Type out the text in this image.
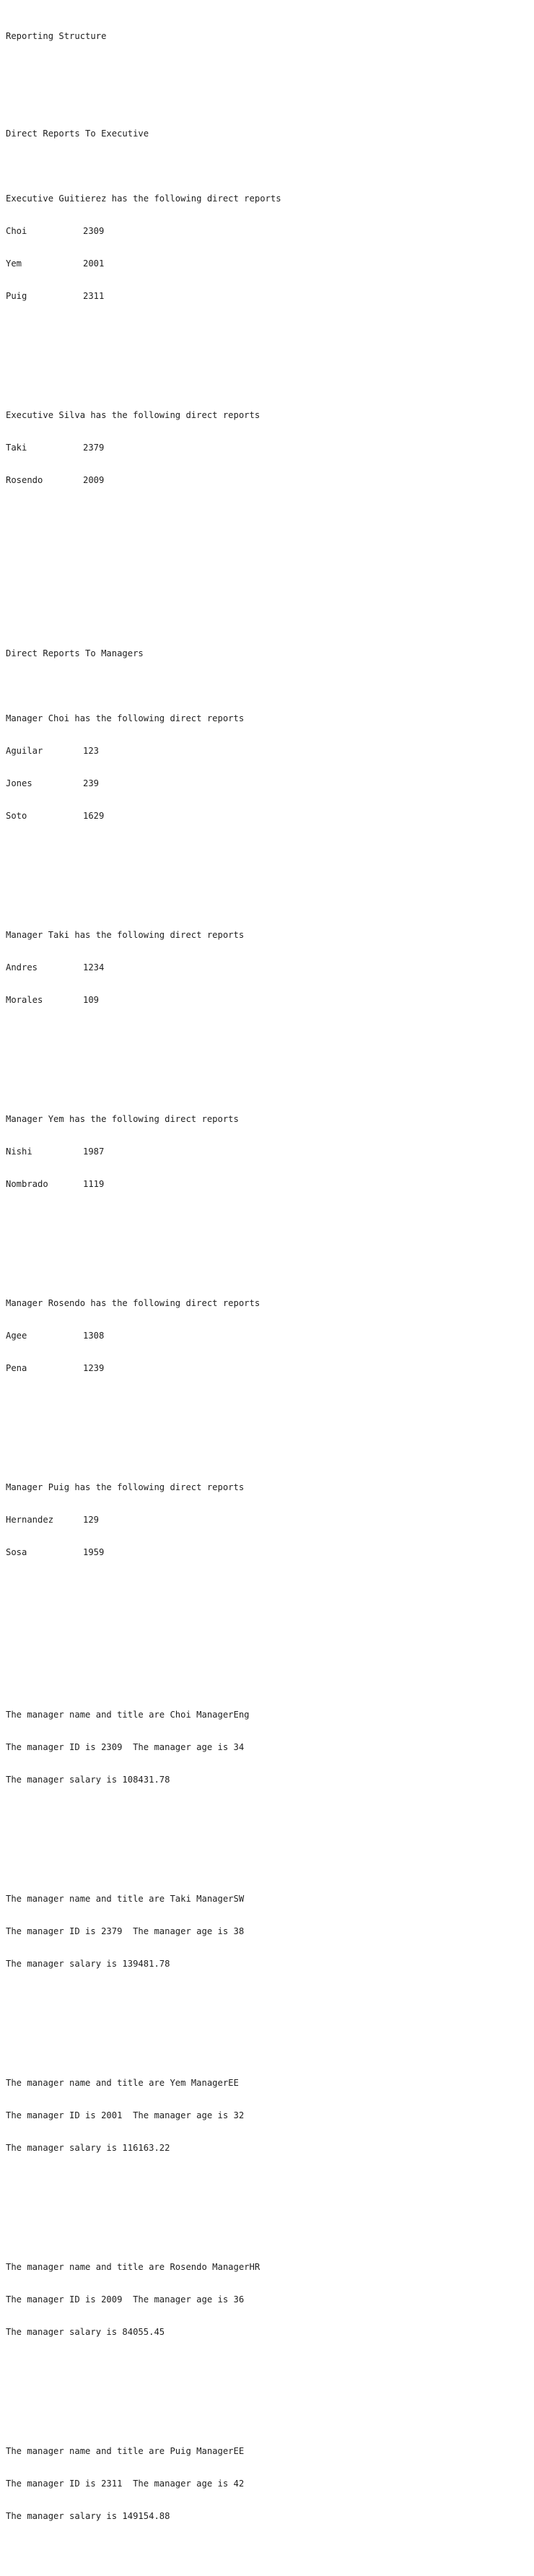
Reporting Structure

Direct Reports To Executive

Executive Guitierez has the following direct reports

Choi	2309

Yem	2001

Puig	2311

Executive Silva has the following direct reports

Taki	2379

Rosendo	2009

Direct Reports To Managers

Manager Choi has the following direct reports

Aguilar	123

Jones	239

Soto	1629

Manager Taki has the following direct reports

Andres	1234

Morales	109

Manager Yem has the following direct reports

Nishi	1987

Nombrado	1119

Manager Rosendo has the following direct reports

Agee	1308

Pena	1239

Manager Puig has the following direct reports

Hernandez	129

Sosa	1959

The manager name and title are Choi ManagerEng

The manager ID is 2309  The manager age is 34

The manager salary is 108431.78

The manager name and title are Taki ManagerSW

The manager ID is 2379  The manager age is 38

The manager salary is 139481.78

The manager name and title are Yem ManagerEE

The manager ID is 2001  The manager age is 32

The manager salary is 116163.22

The manager name and title are Rosendo ManagerHR

The manager ID is 2009  The manager age is 36

The manager salary is 84055.45

The manager name and title are Puig ManagerEE

The manager ID is 2311  The manager age is 42

The manager salary is 149154.88
